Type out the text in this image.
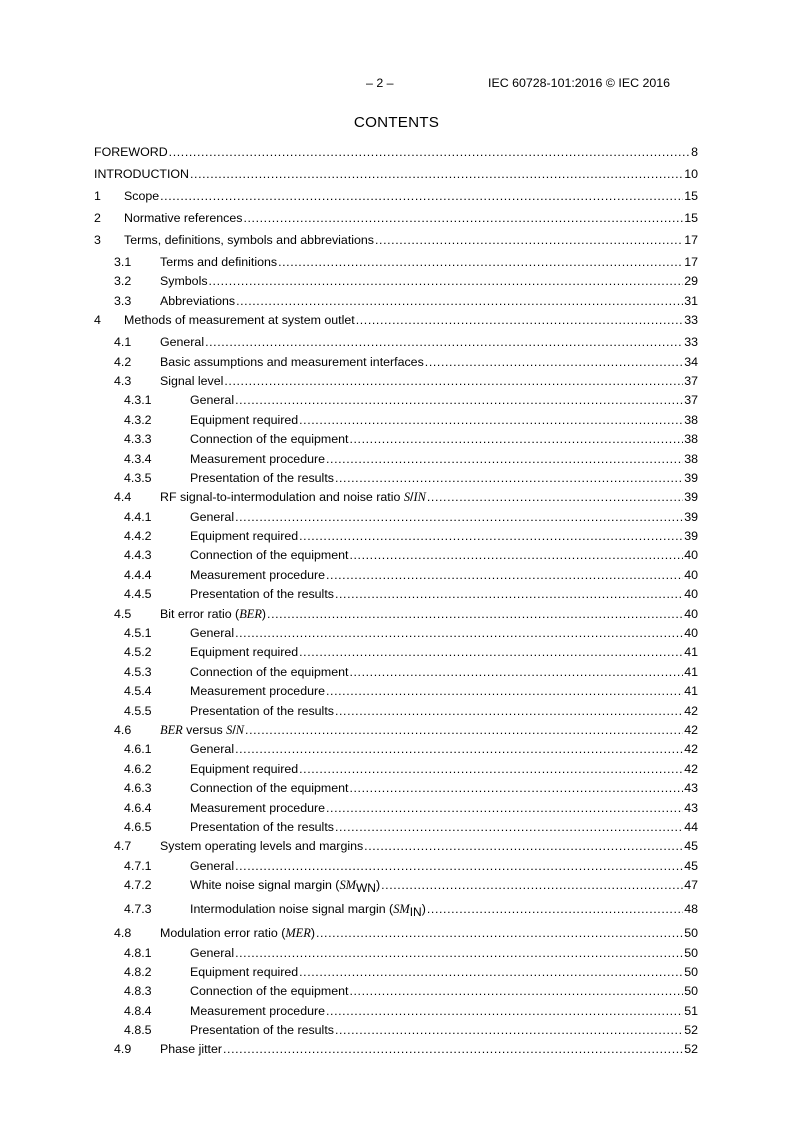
– 2 –	IEC 60728-101:2016 © IEC 2016
CONTENTS
FOREWORD .....	8
INTRODUCTION .....	10
1	Scope .....	15
2	Normative references .....	15
3	Terms, definitions, symbols and abbreviations .....	17
3.1	Terms and definitions .....	17
3.2	Symbols .....	29
3.3	Abbreviations .....	31
4	Methods of measurement at system outlet .....	33
4.1	General .....	33
4.2	Basic assumptions and measurement interfaces .....	34
4.3	Signal level .....	37
4.3.1	General .....	37
4.3.2	Equipment required .....	38
4.3.3	Connection of the equipment .....	38
4.3.4	Measurement procedure .....	38
4.3.5	Presentation of the results .....	39
4.4	RF signal-to-intermodulation and noise ratio S/IN .....	39
4.4.1	General .....	39
4.4.2	Equipment required .....	39
4.4.3	Connection of the equipment .....	40
4.4.4	Measurement procedure .....	40
4.4.5	Presentation of the results .....	40
4.5	Bit error ratio (BER) .....	40
4.5.1	General .....	40
4.5.2	Equipment required .....	41
4.5.3	Connection of the equipment .....	41
4.5.4	Measurement procedure .....	41
4.5.5	Presentation of the results .....	42
4.6	BER versus S/N .....	42
4.6.1	General .....	42
4.6.2	Equipment required .....	42
4.6.3	Connection of the equipment .....	43
4.6.4	Measurement procedure .....	43
4.6.5	Presentation of the results .....	44
4.7	System operating levels and margins .....	45
4.7.1	General .....	45
4.7.2	White noise signal margin $(SM_{WN})$ .....	47
4.7.3	Intermodulation noise signal margin $(SM_{IN})$ .....	48
4.8	Modulation error ratio (MER) .....	50
4.8.1	General .....	50
4.8.2	Equipment required .....	50
4.8.3	Connection of the equipment .....	50
4.8.4	Measurement procedure .....	51
4.8.5	Presentation of the results .....	52
4.9	Phase jitter .....	52
